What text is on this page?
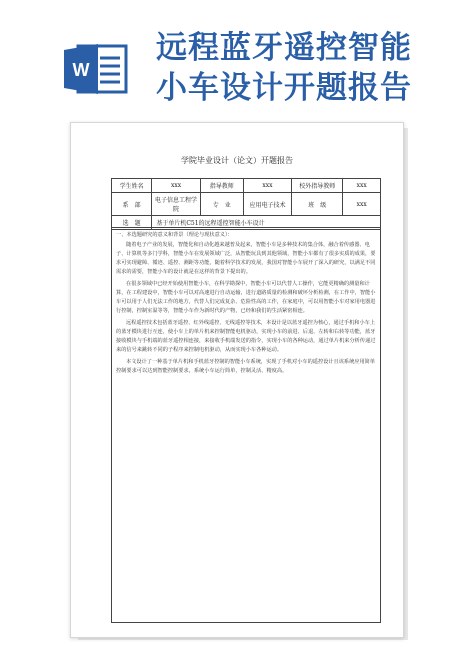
W
远程蓝牙遥控智能
小车设计开题报告
学院毕业设计（论文）开题报告
学生姓名	xxx	指导教师	xxx	校外指导教师	xxx
系　部	电子信息工程学院	专　业	应用电子技术	班　级	xxx
选　题	基于单片机C51的远程遥控智能小车设计				

一、本选题研究的意义和背景（理论与现状意义）：

随着电子产业的发展，智能化和自动化越来越普及起来，智能小车是多种技术的集合体，融合着传感器、电子、计算机等多门学科，智能小车在发展领域广泛，从智能玩具到其他领域，智能小车都有了很多实质的成果，要求可实现避障、循迹、遥控、测距等功能，随着科学技术的发展，我国对智能小车展开了深入的研究，以满足不同需求的需要，智能小车的设计就是在这样的背景下提出的。

在很多领域中已经开始使用智能小车，在科学勘探中，智能小车可以代替人工操作，它能更精确的测量和计算，在工程建设中，智能小车可以对高速进行自动运输，进行道路质量的检测和破坏分析检测，在工作中，智能小车可以用于人们无法工作的地方，代替人们完成复杂、危险性高的工作，在家庭中，可以用智能小车对家用电器进行控制，控制室温等等，智能小车作为新时代的产物，已经和我们的生活紧密相连。

远程遥控技术包括蓝牙遥控、红外线遥控、无线遥控等技术，本设计是以蓝牙遥控为核心，通过手机和小车上的蓝牙模块进行互连，使小车上的单片机来控制智能电机驱动，实现小车的前进、后退、左转和右转等功能，蓝牙接收模块与手机端的蓝牙遥控相连接，来接收手机端发送的指令，实现小车的各种运动，通过单片机来分析传递过来的信号来跳转不同的子程序来控制电机驱动，从而实现小车各种运动。

本文设计了一种基于单片机和手机蓝牙控制的智能小车系统，实现了手机对小车的遥控设计且该系统应用简单控制要求可以达到智能控制要求，系统小车运行简单，控制灵活、精度高。
